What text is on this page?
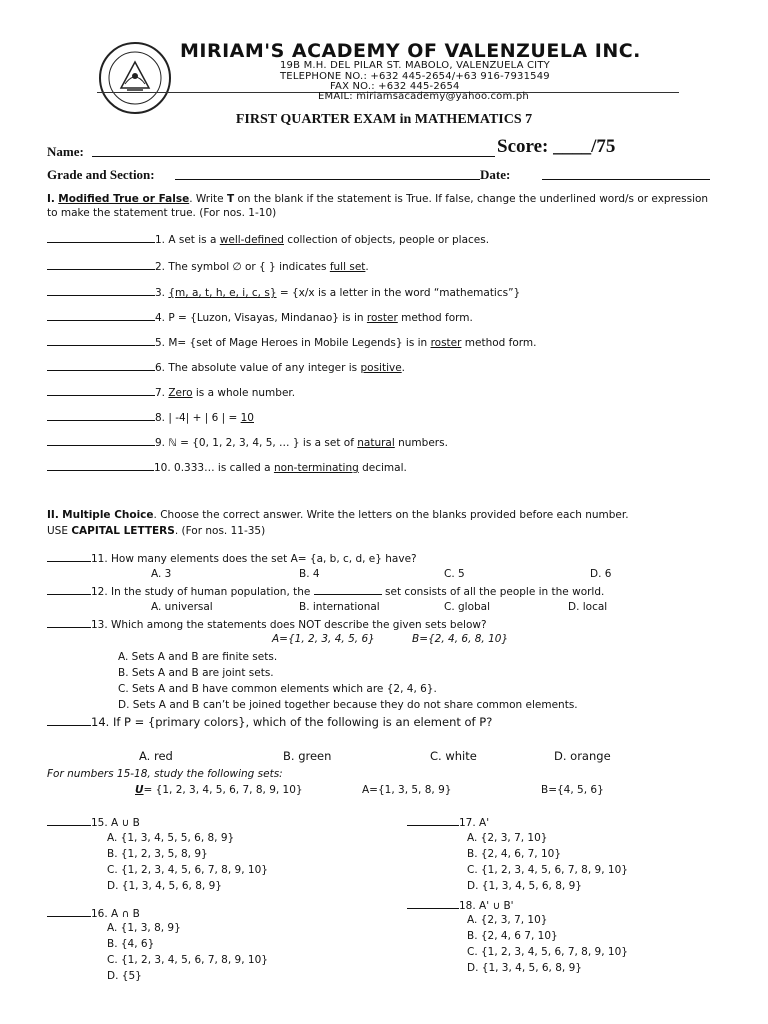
MIRIAM'S ACADEMY OF VALENZUELA INC.
19B M.H. DEL PILAR ST. MABOLO, VALENZUELA CITY
TELEPHONE NO.: +632 445-2654/+63 916-7931549
FAX NO.: +632 445-2654
EMAIL: miriamsacademy@yahoo.com.ph
FIRST QUARTER EXAM in MATHEMATICS 7
Name:	Score: ____/75
Grade and Section:	Date:
I. Modified True or False. Write T on the blank if the statement is True. If false, change the underlined word/s or expression
to make the statement true. (For nos. 1-10)
1. A set is a well-defined collection of objects, people or places.
2. The symbol ∅ or { } indicates full set.
3. {m, a, t, h, e, i, c, s} = {x/x is a letter in the word “mathematics”}
4. P = {Luzon, Visayas, Mindanao} is in roster method form.
5. M= {set of Mage Heroes in Mobile Legends} is in roster method form.
6. The absolute value of any integer is positive.
7. Zero is a whole number.
8. | -4| + | 6 | = 10
9. ℕ = {0, 1, 2, 3, 4, 5, … } is a set of natural numbers.
10. 0.333… is called a non-terminating decimal.
II. Multiple Choice. Choose the correct answer. Write the letters on the blanks provided before each number.
USE CAPITAL LETTERS. (For nos. 11-35)
11. How many elements does the set A= {a, b, c, d, e} have?
A. 3	B. 4	C. 5	D. 6
12. In the study of human population, the	set consists of all the people in the world.
A. universal	B. international	C. global	D. local
13. Which among the statements does NOT describe the given sets below?
A={1, 2, 3, 4, 5, 6}	B={2, 4, 6, 8, 10}
A. Sets A and B are finite sets.
B. Sets A and B are joint sets.
C. Sets A and B have common elements which are {2, 4, 6}.
D. Sets A and B can’t be joined together because they do not share common elements.
14. If P = {primary colors}, which of the following is an element of P?
A. red	B. green	C. white	D. orange
For numbers 15-18, study the following sets:
U= {1, 2, 3, 4, 5, 6, 7, 8, 9, 10}	A={1, 3, 5, 8, 9}	B={4, 5, 6}
15. A ∪ B
A. {1, 3, 4, 5, 5, 6, 8, 9}
B. {1, 2, 3, 5, 8, 9}
C. {1, 2, 3, 4, 5, 6, 7, 8, 9, 10}
D. {1, 3, 4, 5, 6, 8, 9}
16. A ∩ B
A. {1, 3, 8, 9}
B. {4, 6}
C. {1, 2, 3, 4, 5, 6, 7, 8, 9, 10}
D. {5}
17. A'
A. {2, 3, 7, 10}
B. {2, 4, 6, 7, 10}
C. {1, 2, 3, 4, 5, 6, 7, 8, 9, 10}
D. {1, 3, 4, 5, 6, 8, 9}
18. A' ∪ B'
A. {2, 3, 7, 10}
B. {2, 4, 6 7, 10}
C. {1, 2, 3, 4, 5, 6, 7, 8, 9, 10}
D. {1, 3, 4, 5, 6, 8, 9}
